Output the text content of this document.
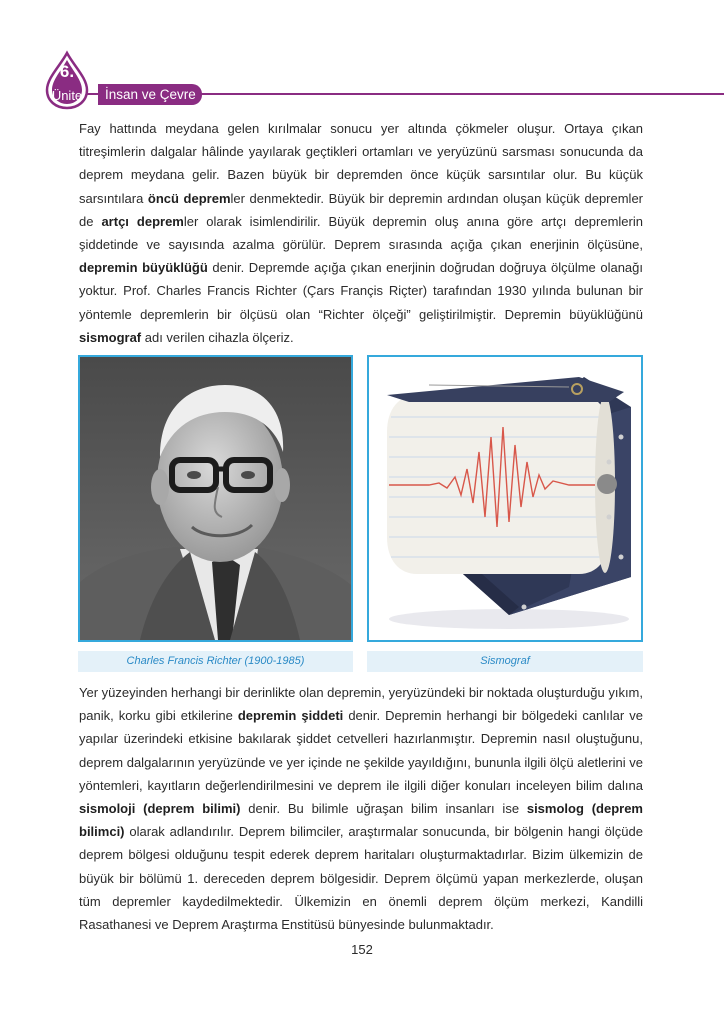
6.
Ünite	İnsan ve Çevre

Fay hattında meydana gelen kırılmalar sonucu yer altında çökmeler oluşur. Ortaya çıkan titreşimlerin dalgalar hâlinde yayılarak geçtikleri ortamları ve yeryüzünü sarsması sonucunda da deprem meydana gelir. Bazen büyük bir depremden önce küçük sarsıntılar olur. Bu küçük sarsıntılara öncü depremler denmektedir. Büyük bir depremin ardından oluşan küçük depremler de artçı depremler olarak isimlendirilir. Büyük depremin oluş anına göre artçı depremlerin şiddetinde ve sayısında azalma görülür. Deprem sırasında açığa çıkan enerjinin ölçüsüne, depremin büyüklüğü denir. Depremde açığa çıkan enerjinin doğrudan doğruya ölçülme olanağı yoktur. Prof. Charles Francis Richter (Çars Françis Riçter) tarafından 1930 yılında bulunan bir yöntemle depremlerin bir ölçüsü olan “Richter ölçeği” geliştirilmiştir. Depremin büyüklüğünü sismograf adı verilen cihazla ölçeriz.

Charles Francis Richter (1900-1985)	Sismograf

Yer yüzeyinden herhangi bir derinlikte olan depremin, yeryüzündeki bir noktada oluşturduğu yıkım, panik, korku gibi etkilerine depremin şiddeti denir. Depremin herhangi bir bölgedeki canlılar ve yapılar üzerindeki etkisine bakılarak şiddet cetvelleri hazırlanmıştır. Depremin nasıl oluştuğunu, deprem dalgalarının yeryüzünde ve yer içinde ne şekilde yayıldığını, bununla ilgili ölçü aletlerini ve yöntemleri, kayıtların değerlendirilmesini ve deprem ile ilgili diğer konuları inceleyen bilim dalına sismoloji (deprem bilimi) denir. Bu bilimle uğraşan bilim insanları ise sismolog (deprem bilimci) olarak adlandırılır. Deprem bilimciler, araştırmalar sonucunda, bir bölgenin hangi ölçüde deprem bölgesi olduğunu tespit ederek deprem haritaları oluşturmaktadırlar. Bizim ülkemizin de büyük bir bölümü 1. dereceden deprem bölgesidir. Deprem ölçümü yapan merkezlerde, oluşan tüm depremler kaydedilmektedir. Ülkemizin en önemli deprem ölçüm merkezi, Kandilli Rasathanesi ve Deprem Araştırma Enstitüsü bünyesinde bulunmaktadır.

152
